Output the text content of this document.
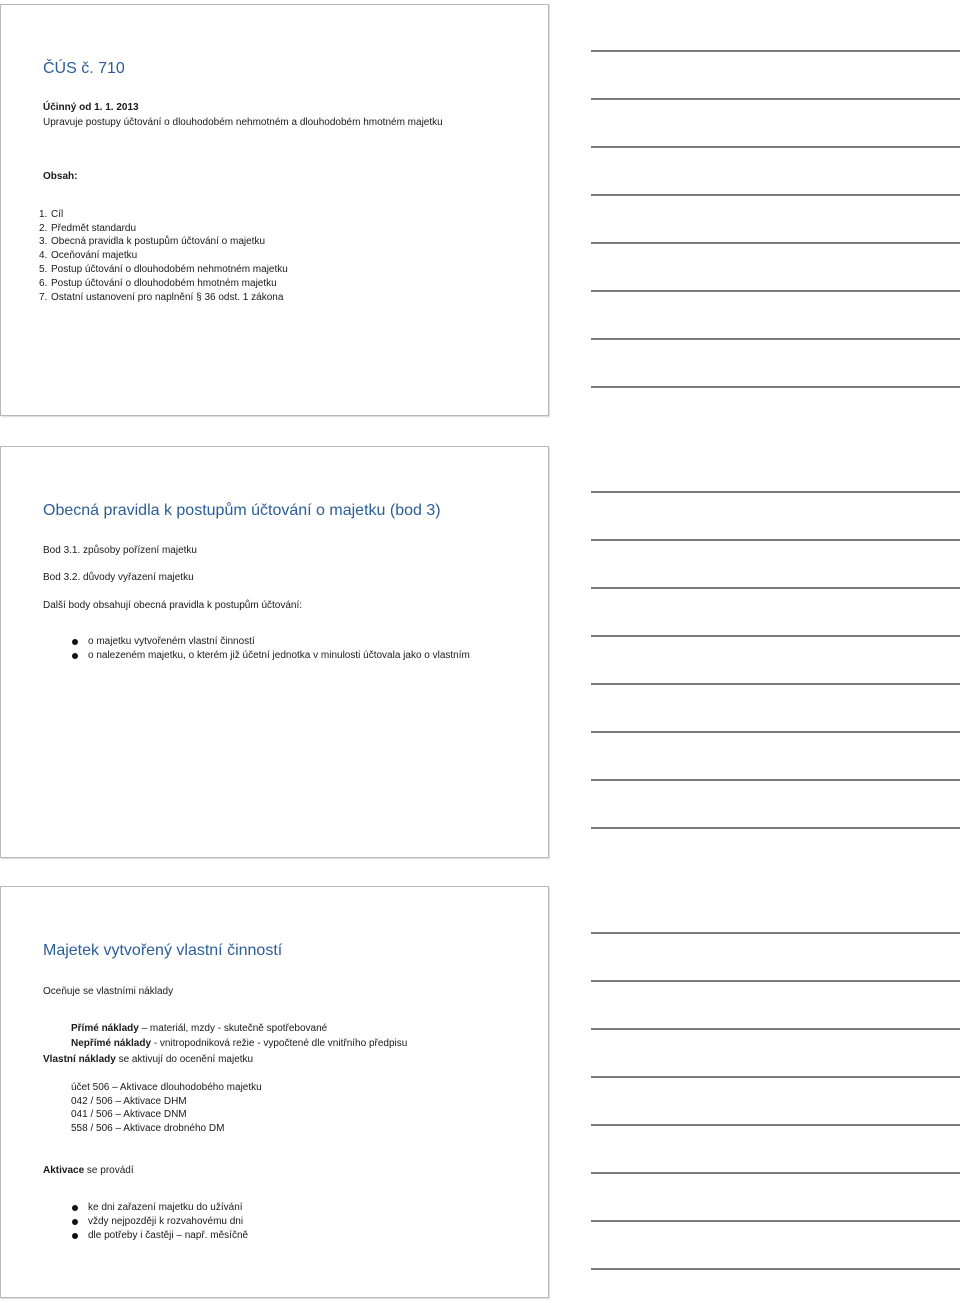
ČÚS č. 710
Účinný od 1. 1. 2013
Upravuje postupy účtování o dlouhodobém nehmotném a dlouhodobém hmotném majetku
Obsah:
1. Cíl
2. Předmět standardu
3. Obecná pravidla k postupům účtování o majetku
4. Oceňování majetku
5. Postup účtování o dlouhodobém nehmotném majetku
6. Postup účtování o dlouhodobém hmotném majetku
7. Ostatní ustanovení pro naplnění § 36 odst. 1 zákona
Obecná pravidla k postupům účtování o majetku (bod 3)
Bod 3.1. způsoby pořízení majetku
Bod 3.2. důvody vyřazení majetku
Další body obsahují obecná pravidla k postupům účtování:
o majetku vytvořeném vlastní činností
o nalezeném majetku, o kterém již účetní jednotka v minulosti účtovala jako o vlastním
Majetek vytvořený vlastní činností
Oceňuje se vlastními náklady
Přímé náklady – materiál, mzdy - skutečně spotřebované
Nepřímé náklady - vnitropodniková režie - vypočtené dle vnitřního předpisu
Vlastní náklady se aktivují do ocenění majetku
účet 506 – Aktivace dlouhodobého majetku
042 / 506 – Aktivace DHM
041 / 506 – Aktivace DNM
558 / 506 – Aktivace drobného DM
Aktivace se provádí
ke dni zařazení majetku do užívání
vždy nejpozději k rozvahovému dni
dle potřeby i častěji – např. měsíčně
